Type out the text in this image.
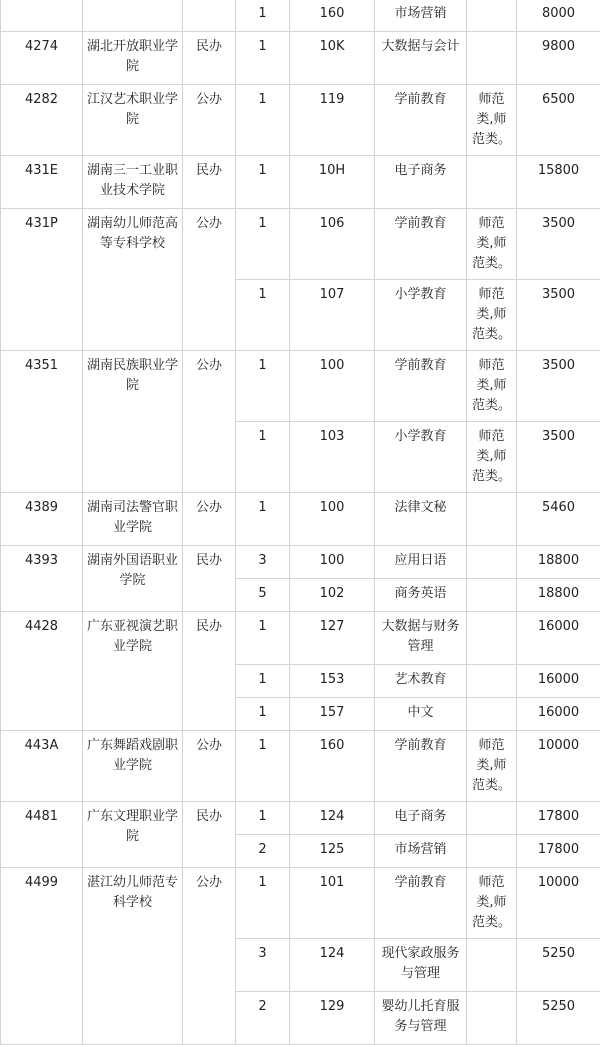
			1	160	市场营销		8000
4274	湖北开放职业学院	民办	1	10K	大数据与会计		9800
4282	江汉艺术职业学院	公办	1	119	学前教育	师范类,师范类。	6500
431E	湖南三一工业职业技术学院	民办	1	10H	电子商务		15800
431P	湖南幼儿师范高等专科学校	公办	1	106	学前教育	师范类,师范类。	3500
			1	107	小学教育	师范类,师范类。	3500
4351	湖南民族职业学院	公办	1	100	学前教育	师范类,师范类。	3500
			1	103	小学教育	师范类,师范类。	3500
4389	湖南司法警官职业学院	公办	1	100	法律文秘		5460
4393	湖南外国语职业学院	民办	3	100	应用日语		18800
			5	102	商务英语		18800
4428	广东亚视演艺职业学院	民办	1	127	大数据与财务管理		16000
			1	153	艺术教育		16000
			1	157	中文		16000
443A	广东舞蹈戏剧职业学院	公办	1	160	学前教育	师范类,师范类。	10000
4481	广东文理职业学院	民办	1	124	电子商务		17800
			2	125	市场营销		17800
4499	湛江幼儿师范专科学校	公办	1	101	学前教育	师范类,师范类。	10000
			3	124	现代家政服务与管理		5250
			2	129	婴幼儿托育服务与管理		5250
